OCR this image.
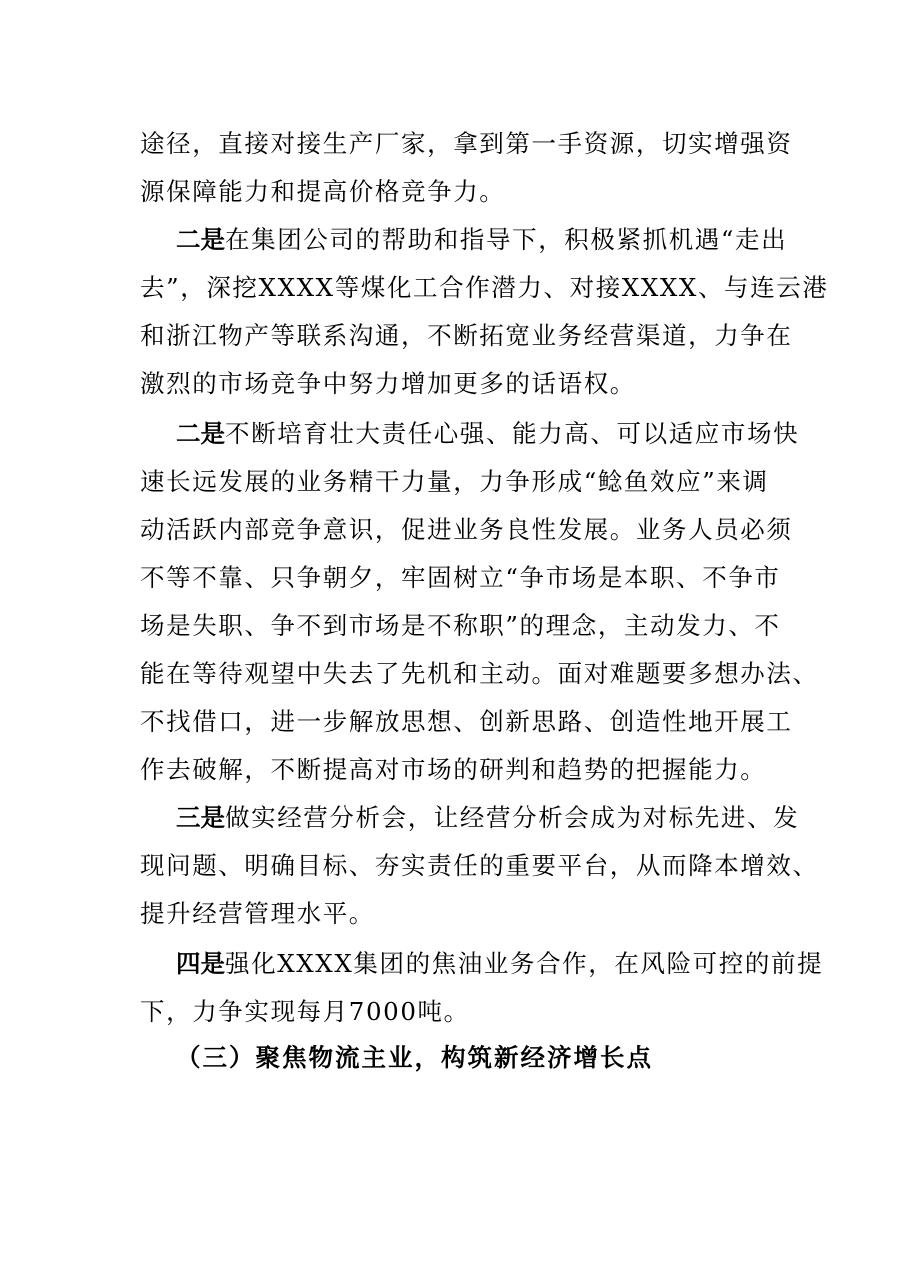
途径，直接对接生产厂家，拿到第一手资源，切实增强资
源保障能力和提高价格竞争力。
二是在集团公司的帮助和指导下，积极紧抓机遇“走出
去”，深挖XXXX等煤化工合作潜力、对接XXXX、与连云港
和浙江物产等联系沟通，不断拓宽业务经营渠道，力争在
激烈的市场竞争中努力增加更多的话语权。
二是不断培育壮大责任心强、能力高、可以适应市场快
速长远发展的业务精干力量，力争形成“鲶鱼效应”来调
动活跃内部竞争意识，促进业务良性发展。业务人员必须
不等不靠、只争朝夕，牢固树立“争市场是本职、不争市
场是失职、争不到市场是不称职”的理念，主动发力、不
能在等待观望中失去了先机和主动。面对难题要多想办法、
不找借口，进一步解放思想、创新思路、创造性地开展工
作去破解，不断提高对市场的研判和趋势的把握能力。
三是做实经营分析会，让经营分析会成为对标先进、发
现问题、明确目标、夯实责任的重要平台，从而降本增效、
提升经营管理水平。
四是强化XXXX集团的焦油业务合作，在风险可控的前提
下，力争实现每月7000吨。
（三）聚焦物流主业，构筑新经济增长点
